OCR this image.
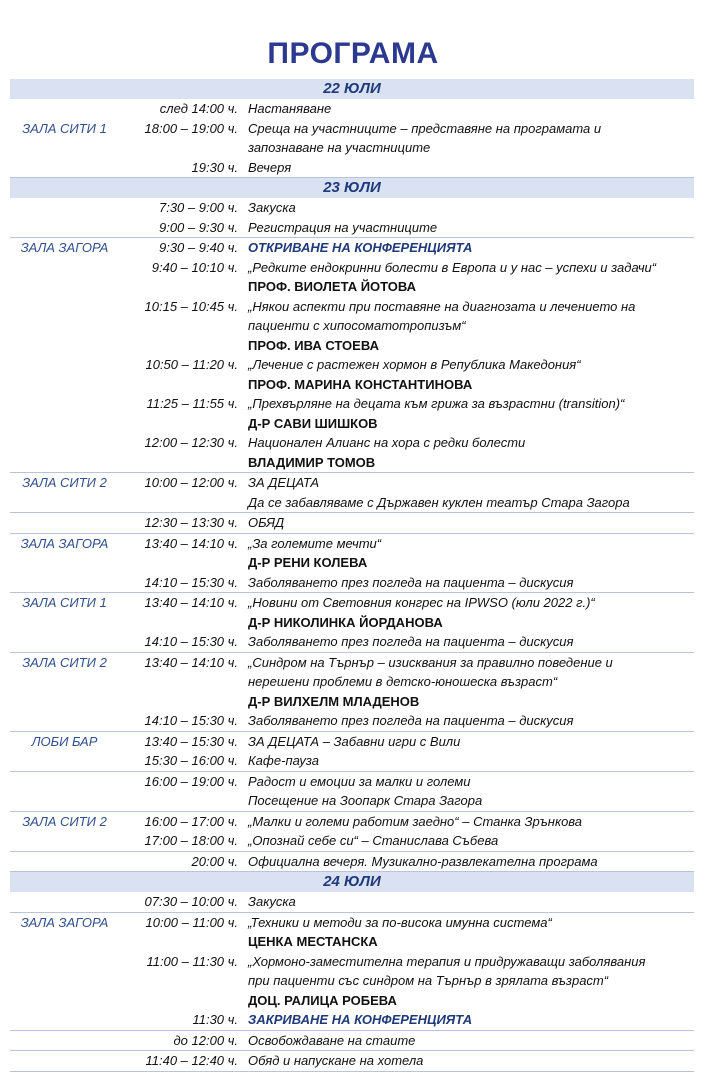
ПРОГРАМА
22 ЮЛИ
след 14:00 ч. Настаняване
ЗАЛА СИТИ 1	18:00 – 19:00 ч. Среща на участниците – представяне на програмата и
запознаване на участниците
19:30 ч. Вечеря
23 ЮЛИ
7:30 – 9:00 ч. Закуска
9:00 – 9:30 ч. Регистрация на участниците
ЗАЛА ЗАГОРА	9:30 – 9:40 ч. ОТКРИВАНЕ НА КОНФЕРЕНЦИЯТА
9:40 – 10:10 ч. „Редките ендокринни болести в Европа и у нас – успехи и задачи“
ПРОФ. ВИОЛЕТА ЙОТОВА
10:15 – 10:45 ч. „Някои аспекти при поставяне на диагнозата и лечението на
пациенти с хипосоматотропизъм“
ПРОФ. ИВА СТОЕВА
10:50 – 11:20 ч. „Лечение с растежен хормон в Република Македония“
ПРОФ. МАРИНА КОНСТАНТИНОВА
11:25 – 11:55 ч. „Прехвърляне на децата към грижа за възрастни (transition)“
Д-Р САВИ ШИШКОВ
12:00 – 12:30 ч. Национален Алианс на хора с редки болести
ВЛАДИМИР ТОМОВ
ЗАЛА СИТИ 2	10:00 – 12:00 ч. ЗА ДЕЦАТА
Да се забавляваме с Държавен куклен театър Стара Загора
12:30 – 13:30 ч. ОБЯД
ЗАЛА ЗАГОРА	13:40 – 14:10 ч. „За големите мечти“
Д-Р РЕНИ КОЛЕВА
14:10 – 15:30 ч. Заболяването през погледа на пациента – дискусия
ЗАЛА СИТИ 1	13:40 – 14:10 ч. „Новини от Световния конгрес на IPWSO (юли 2022 г.)“
Д-Р НИКОЛИНКА ЙОРДАНОВА
14:10 – 15:30 ч. Заболяването през погледа на пациента – дискусия
ЗАЛА СИТИ 2	13:40 – 14:10 ч. „Синдром на Търнър – изисквания за правилно поведение и
нерешени проблеми в детско-юношеска възраст“
Д-Р ВИЛХЕЛМ МЛАДЕНОВ
14:10 – 15:30 ч. Заболяването през погледа на пациента – дискусия
ЛОБИ БАР	13:40 – 15:30 ч. ЗА ДЕЦАТА – Забавни игри с Вили
15:30 – 16:00 ч. Кафе-пауза
16:00 – 19:00 ч. Радост и емоции за малки и големи
Посещение на Зоопарк Стара Загора
ЗАЛА СИТИ 2	16:00 – 17:00 ч. „Малки и големи работим заедно“ – Станка Зрънкова
17:00 – 18:00 ч. „Опознай себе си“ – Станислава Събева
20:00 ч. Официална вечеря. Музикално-развлекателна програма
24 ЮЛИ
07:30 – 10:00 ч. Закуска
ЗАЛА ЗАГОРА	10:00 – 11:00 ч. „Техники и методи за по-висока имунна система“
ЦЕНКА МЕСТАНСКА
11:00 – 11:30 ч. „Хормоно-заместителна терапия и придружаващи заболявания
при пациенти със синдром на Търнър в зрялата възраст“
ДОЦ. РАЛИЦА РОБЕВА
11:30 ч. ЗАКРИВАНЕ НА КОНФЕРЕНЦИЯТА
до 12:00 ч. Освобождаване на стаите
11:40 – 12:40 ч. Обяд и напускане на хотела
